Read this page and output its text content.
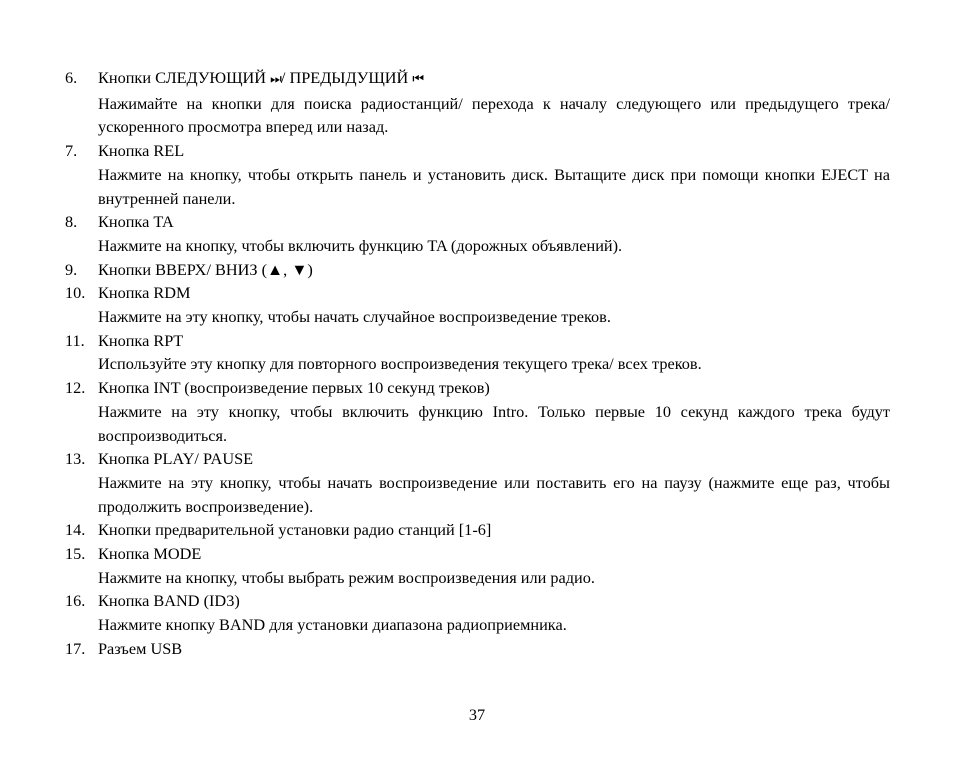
6.	Кнопки СЛЕДУЮЩИЙ ⏭/ ПРЕДЫДУЩИЙ ⏮
Нажимайте на кнопки для поиска радиостанций/ перехода к началу следующего или предыдущего трека/ ускоренного просмотра вперед или назад.
7.	Кнопка REL
Нажмите на кнопку, чтобы открыть панель и установить диск. Вытащите диск при помощи кнопки EJECT на внутренней панели.
8.	Кнопка TA
Нажмите на кнопку, чтобы включить функцию TA (дорожных объявлений).
9.	Кнопки ВВЕРХ/ ВНИЗ (▲, ▼)
10. Кнопка RDM
Нажмите на эту кнопку, чтобы начать случайное воспроизведение треков.
11. Кнопка RPT
Используйте эту кнопку для повторного воспроизведения текущего трека/ всех треков.
12. Кнопка INT (воспроизведение первых 10 секунд треков)
Нажмите на эту кнопку, чтобы включить функцию Intro. Только первые 10 секунд каждого трека будут воспроизводиться.
13. Кнопка PLAY/ PAUSE
Нажмите на эту кнопку, чтобы начать воспроизведение или поставить его на паузу (нажмите еще раз, чтобы продолжить воспроизведение).
14. Кнопки предварительной установки радио станций [1-6]
15. Кнопка MODE
Нажмите на кнопку, чтобы выбрать режим воспроизведения или радио.
16. Кнопка BAND (ID3)
Нажмите кнопку BAND для установки диапазона радиоприемника.
17. Разъем USB
37
